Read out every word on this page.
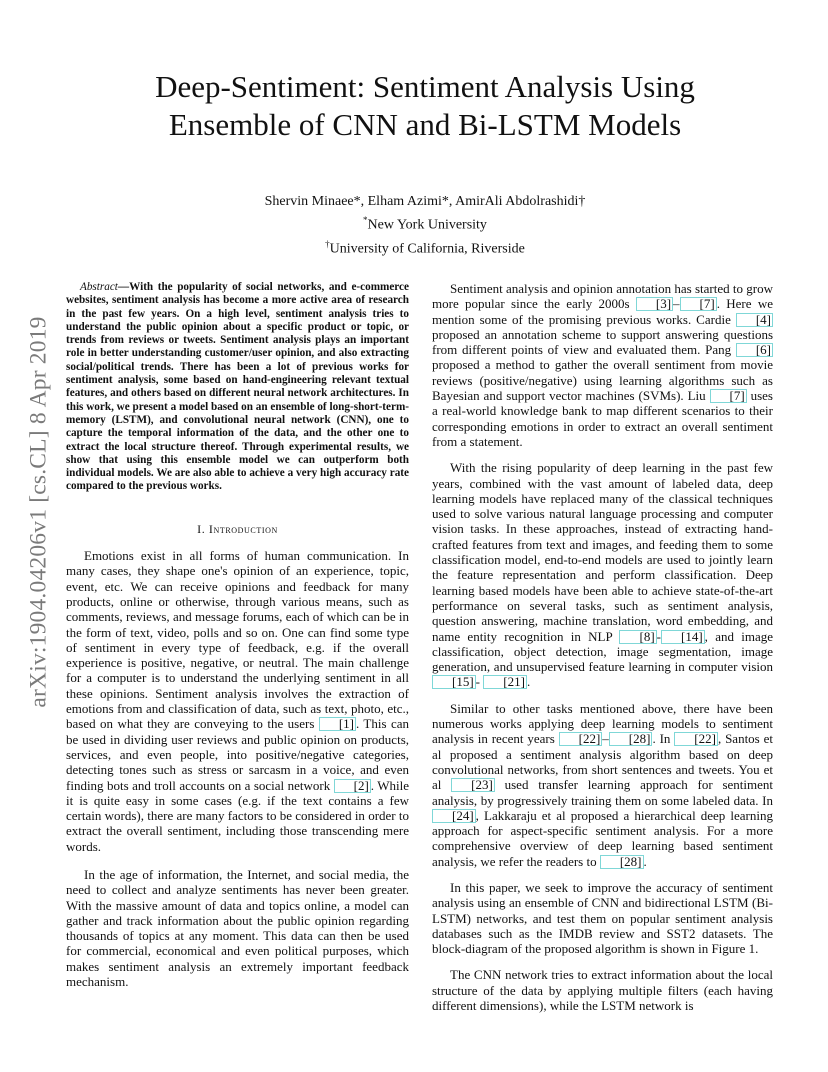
arXiv:1904.04206v1 [cs.CL] 8 Apr 2019
Deep-Sentiment: Sentiment Analysis Using
Ensemble of CNN and Bi-LSTM Models
Shervin Minaee*, Elham Azimi*, AmirAli Abdolrashidi†
*New York University
†University of California, Riverside

Abstract—With the popularity of social networks, and e-commerce websites, sentiment analysis has become a more active area of research in the past few years. On a high level, sentiment analysis tries to understand the public opinion about a specific product or topic, or trends from reviews or tweets. Sentiment analysis plays an important role in better understanding customer/user opinion, and also extracting social/political trends. There has been a lot of previous works for sentiment analysis, some based on hand-engineering relevant textual features, and others based on different neural network architectures. In this work, we present a model based on an ensemble of long-short-term-memory (LSTM), and convolutional neural network (CNN), one to capture the temporal information of the data, and the other one to extract the local structure thereof. Through experimental results, we show that using this ensemble model we can outperform both individual models. We are also able to achieve a very high accuracy rate compared to the previous works.

I. Introduction

Emotions exist in all forms of human communication. In many cases, they shape one's opinion of an experience, topic, event, etc. We can receive opinions and feedback for many products, online or otherwise, through various means, such as comments, reviews, and message forums, each of which can be in the form of text, video, polls and so on. One can find some type of sentiment in every type of feedback, e.g. if the overall experience is positive, negative, or neutral. The main challenge for a computer is to understand the underlying sentiment in all these opinions. Sentiment analysis involves the extraction of emotions from and classification of data, such as text, photo, etc., based on what they are conveying to the users [1] . This can be used in dividing user reviews and public opinion on products, services, and even people, into positive/negative categories, detecting tones such as stress or sarcasm in a voice, and even finding bots and troll accounts on a social network [2] . While it is quite easy in some cases (e.g. if the text contains a few certain words), there are many factors to be considered in order to extract the overall sentiment, including those transcending mere words.

In the age of information, the Internet, and social media, the need to collect and analyze sentiments has never been greater. With the massive amount of data and topics online, a model can gather and track information about the public opinion regarding thousands of topics at any moment. This data can then be used for commercial, economical and even political purposes, which makes sentiment analysis an extremely important feedback mechanism.

Sentiment analysis and opinion annotation has started to grow more popular since the early 2000s [3] – [7] . Here we mention some of the promising previous works. Cardie [4] proposed an annotation scheme to support answering questions from different points of view and evaluated them. Pang [6] proposed a method to gather the overall sentiment from movie reviews (positive/negative) using learning algorithms such as Bayesian and support vector machines (SVMs). Liu [7] uses a real-world knowledge bank to map different scenarios to their corresponding emotions in order to extract an overall sentiment from a statement.

With the rising popularity of deep learning in the past few years, combined with the vast amount of labeled data, deep learning models have replaced many of the classical techniques used to solve various natural language processing and computer vision tasks. In these approaches, instead of extracting hand-crafted features from text and images, and feeding them to some classification model, end-to-end models are used to jointly learn the feature representation and perform classification. Deep learning based models have been able to achieve state-of-the-art performance on several tasks, such as sentiment analysis, question answering, machine translation, word embedding, and name entity recognition in NLP [8] - [14] , and image classification, object detection, image segmentation, image generation, and unsupervised feature learning in computer vision [15] - [21] .

Similar to other tasks mentioned above, there have been numerous works applying deep learning models to sentiment analysis in recent years [22] – [28] . In [22] , Santos et al proposed a sentiment analysis algorithm based on deep convolutional networks, from short sentences and tweets. You et al [23] used transfer learning approach for sentiment analysis, by progressively training them on some labeled data. In [24] , Lakkaraju et al proposed a hierarchical deep learning approach for aspect-specific sentiment analysis. For a more comprehensive overview of deep learning based sentiment analysis, we refer the readers to [28] .

In this paper, we seek to improve the accuracy of sentiment analysis using an ensemble of CNN and bidirectional LSTM (Bi-LSTM) networks, and test them on popular sentiment analysis databases such as the IMDB review and SST2 datasets. The block-diagram of the proposed algorithm is shown in Figure 1.

The CNN network tries to extract information about the local structure of the data by applying multiple filters (each having different dimensions), while the LSTM network is
